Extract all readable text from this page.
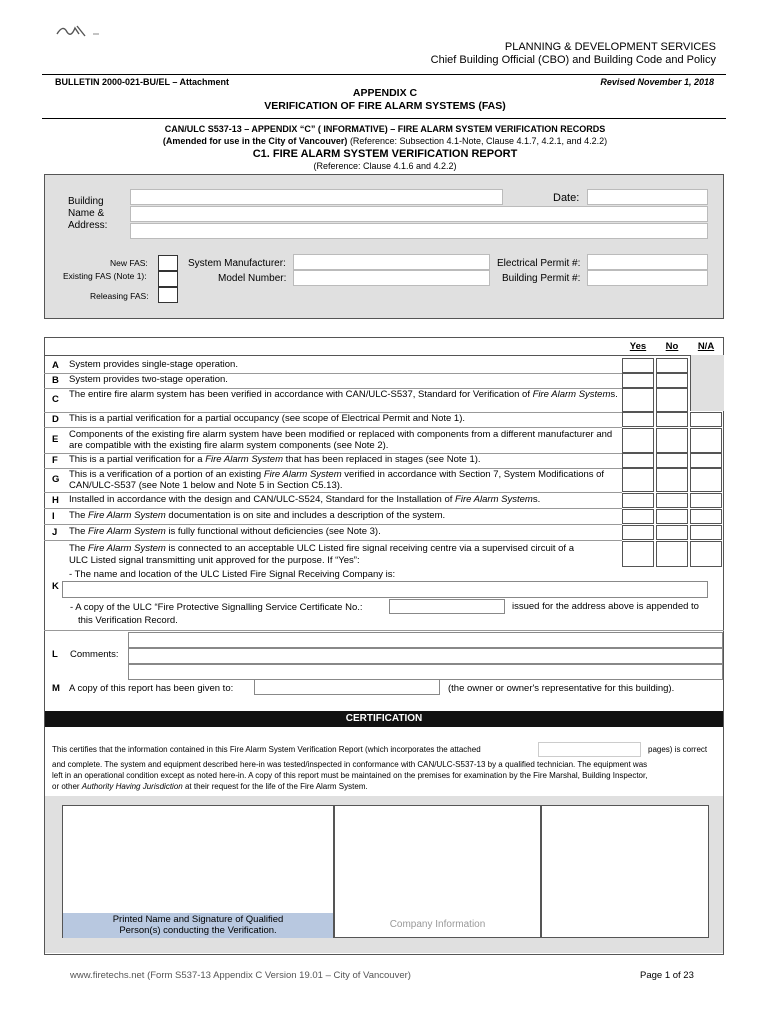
PLANNING & DEVELOPMENT SERVICES
Chief Building Official (CBO) and Building Code and Policy
BULLETIN 2000-021-BU/EL – Attachment	Revised November 1, 2018
APPENDIX C
VERIFICATION OF FIRE ALARM SYSTEMS (FAS)
CAN/ULC S537-13 – APPENDIX “C” ( INFORMATIVE) – FIRE ALARM SYSTEM VERIFICATION RECORDS
(Amended for use in the City of Vancouver) (Reference: Subsection 4.1-Note, Clause 4.1.7, 4.2.1, and 4.2.2)
C1. FIRE ALARM SYSTEM VERIFICATION REPORT
(Reference: Clause 4.1.6 and 4.2.2)
Building
Name &
Address:
Date:
New FAS:
Existing FAS (Note 1):
Releasing FAS:
System Manufacturer:
Model Number:
Electrical Permit #:
Building Permit #:
Yes	No	N/A
A System provides single-stage operation.
B System provides two-stage operation.
C The entire fire alarm system has been verified in accordance with CAN/ULC-S537, Standard for Verification of Fire Alarm Systems.
D This is a partial verification for a partial occupancy (see scope of Electrical Permit and Note 1).
E Components of the existing fire alarm system have been modified or replaced with components from a different manufacturer and are compatible with the existing fire alarm system components (see Note 2).
F This is a partial verification for a Fire Alarm System that has been replaced in stages (see Note 1).
G This is a verification of a portion of an existing Fire Alarm System verified in accordance with Section 7, System Modifications of CAN/ULC-S537 (see Note 1 below and Note 5 in Section C5.13).
H Installed in accordance with the design and CAN/ULC-S524, Standard for the Installation of Fire Alarm Systems.
I The Fire Alarm System documentation is on site and includes a description of the system.
J The Fire Alarm System is fully functional without deficiencies (see Note 3).
The Fire Alarm System is connected to an acceptable ULC Listed fire signal receiving centre via a supervised circuit of a
ULC Listed signal transmitting unit approved for the purpose. If “Yes”:
- The name and location of the ULC Listed Fire Signal Receiving Company is:
K
- A copy of the ULC “Fire Protective Signalling Service Certificate No.:	issued for the address above is appended to
this Verification Record.
L Comments:
M A copy of this report has been given to:	(the owner or owner's representative for this building).
CERTIFICATION
This certifies that the information contained in this Fire Alarm System Verification Report (which incorporates the attached	pages) is correct
and complete. The system and equipment described here-in was tested/inspected in conformance with CAN/ULC-S537-13 by a qualified technician. The equipment was
left in an operational condition except as noted here-in. A copy of this report must be maintained on the premises for examination by the Fire Marshal, Building Inspector,
or other Authority Having Jurisdiction at their request for the life of the Fire Alarm System.
Printed Name and Signature of Qualified
Person(s) conducting the Verification.
Company Information
www.firetechs.net (Form S537-13 Appendix C Version 19.01 – City of Vancouver)	Page 1 of 23
